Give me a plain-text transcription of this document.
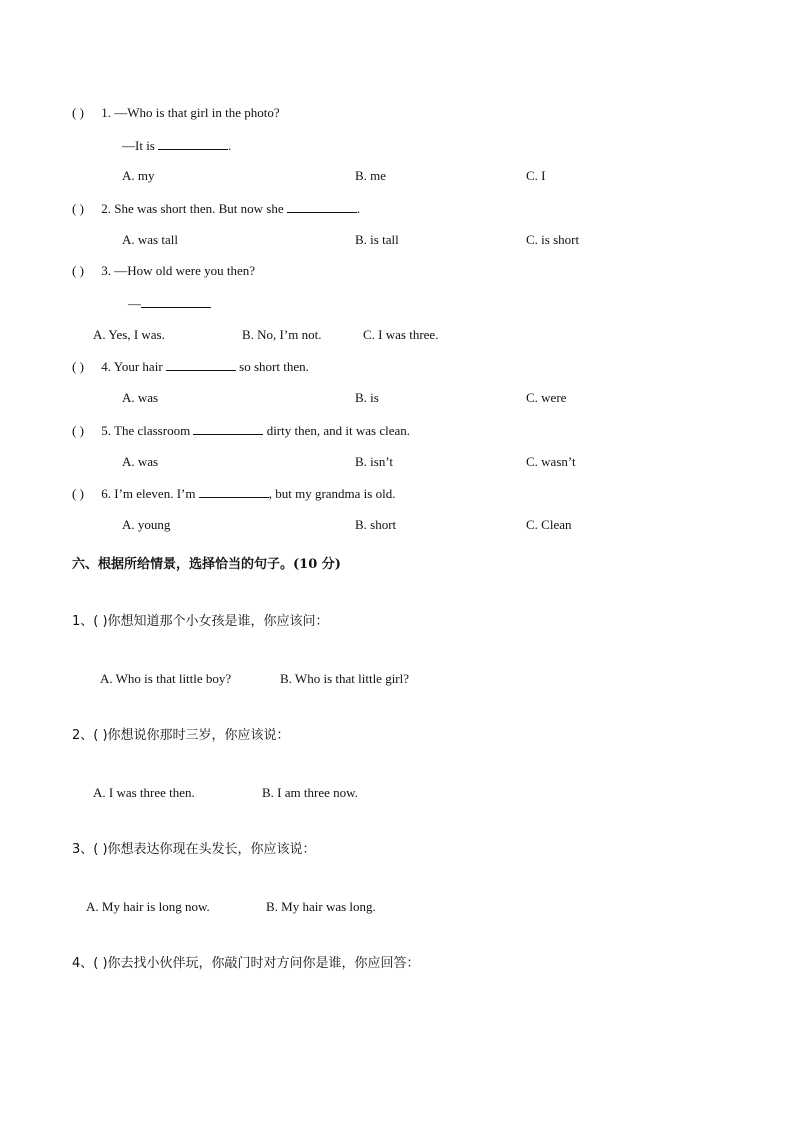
( ) 1. —Who is that girl in the photo?
—It is	.
A. my	B. me	C. I
( ) 2. She was short then. But now she	.
A. was tall	B. is tall	C. is short
( ) 3. —How old were you then?
—
A. Yes, I was.	B. No, I’m not.	C. I was three.
( ) 4. Your hair	so short then.
A. was	B. is	C. were
( ) 5. The classroom	dirty then, and it was clean.
A. was	B. isn’t	C. wasn’t
( ) 6. I’m eleven. I’m	, but my grandma is old.
A. young	B. short	C. Clean
六、根据所给情景，选择恰当的句子。(10 分)
1、( )你想知道那个小女孩是谁，你应该问：
A. Who is that little boy?	B. Who is that little girl?
2、( )你想说你那时三岁，你应该说：
A. I was three then.	B. I am three now.
3、( )你想表达你现在头发长，你应该说：
A. My hair is long now.	B. My hair was long.
4、( )你去找小伙伴玩，你敲门时对方问你是谁，你应回答：
